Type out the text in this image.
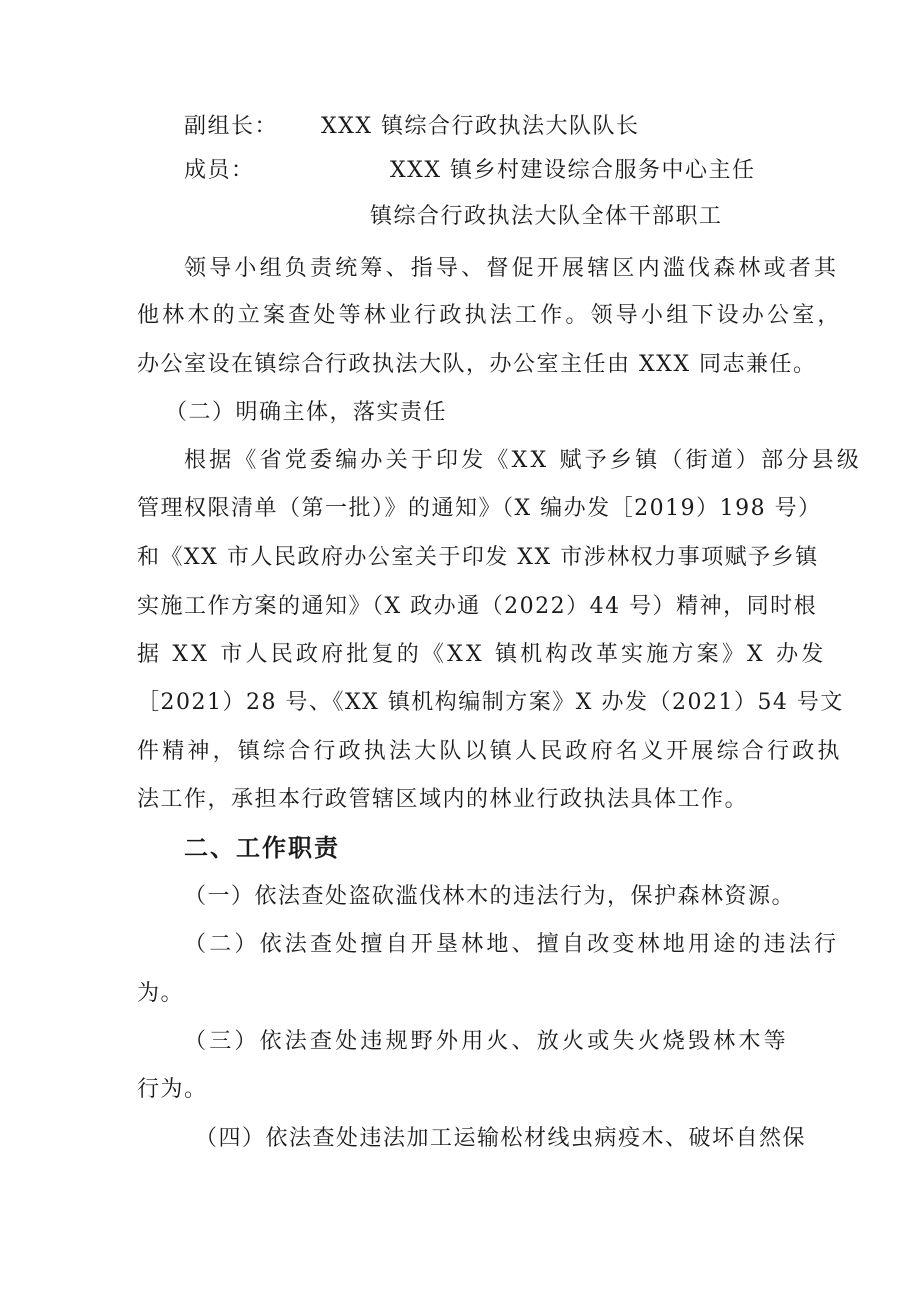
副组长： XXX 镇综合行政执法大队队长
成员：	XXX 镇乡村建设综合服务中心主任
镇综合行政执法大队全体干部职工
领导小组负责统筹、指导、督促开展辖区内滥伐森林或者其
他林木的立案查处等林业行政执法工作。领导小组下设办公室，
办公室设在镇综合行政执法大队，办公室主任由 XXX 同志兼任。
（二）明确主体，落实责任
根据《省党委编办关于印发《XX 赋予乡镇（街道）部分县级
管理权限清单（第一批）》的通知》（X 编办发［2019）198 号）
和《XX 市人民政府办公室关于印发 XX 市涉林权力事项赋予乡镇
实施工作方案的通知》（X 政办通（2022）44 号）精神，同时根
据 XX 市人民政府批复的《XX 镇机构改革实施方案》X 办发
［2021）28 号、《XX 镇机构编制方案》X 办发（2021）54 号文
件精神，镇综合行政执法大队以镇人民政府名义开展综合行政执
法工作，承担本行政管辖区域内的林业行政执法具体工作。
二、工作职责
（一）依法查处盗砍滥伐林木的违法行为，保护森林资源。
（二）依法查处擅自开垦林地、擅自改变林地用途的违法行
为。
（三）依法查处违规野外用火、放火或失火烧毁林木等
行为。
（四）依法查处违法加工运输松材线虫病疫木、破坏自然保
